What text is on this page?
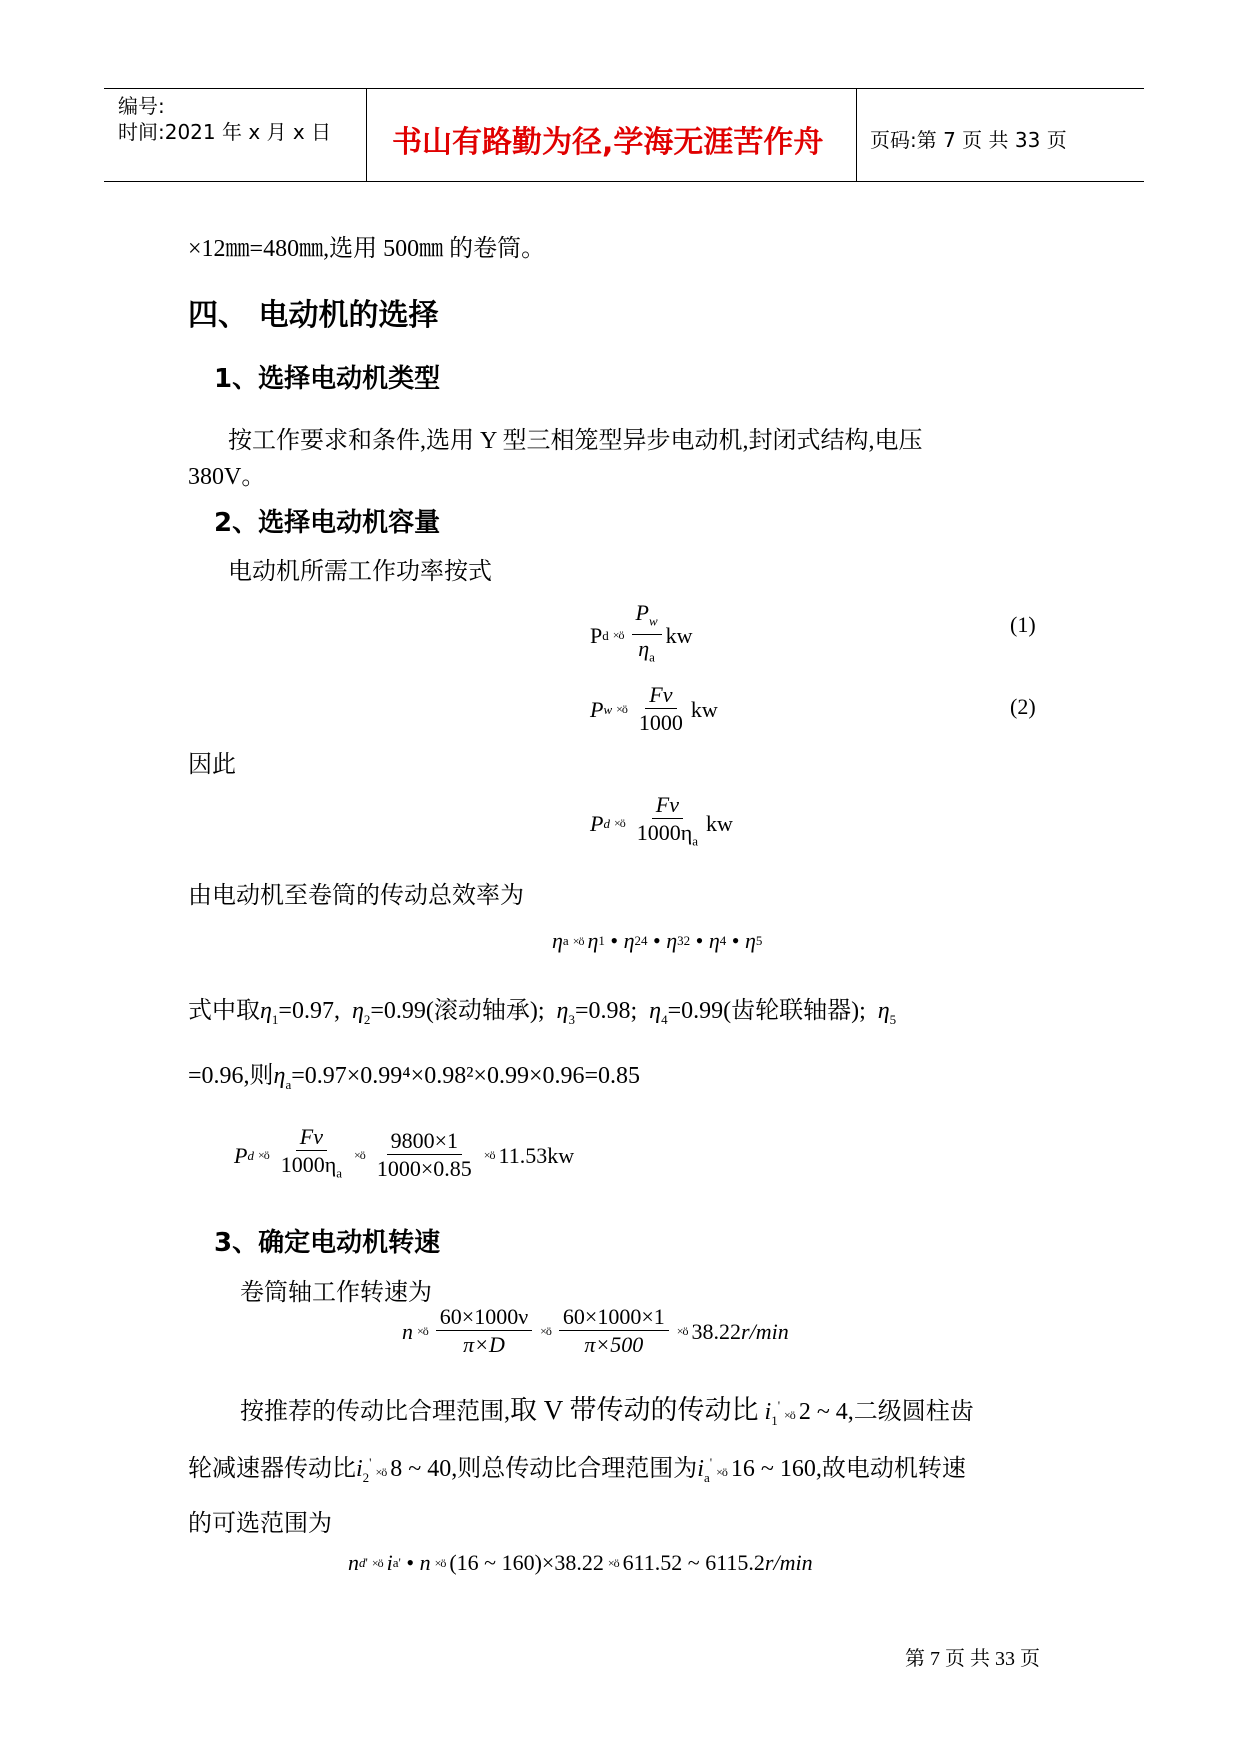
编号:
时间:2021 年 x 月 x 日 书山有路勤为径,学海无涯苦作舟 页码:第 7 页 共 33 页
×12㎜=480㎜,选用 500㎜ 的卷筒。
四、 电动机的选择
1、选择电动机类型
按工作要求和条件,选用 Y 型三相笼型异步电动机,封闭式结构,电压
380V。
2、选择电动机容量
电动机所需工作功率按式
P d ×ö $\frac{P_w}{\eta_a}$ kw	(1)
P w ×ö $\frac{F\nu}{1000}$ kw	(2)
因此
P d ×ö $\frac{F\nu}{1000\eta_a}$ kw
由电动机至卷筒的传动总效率为
η a ×ö η 1 • η 2 4 • η 3 2 • η 4 • η 5
式中取$\eta_1=0.97$, $\eta_2=0.99$(滚动轴承); $\eta_3=0.98$; $\eta_4=0.99$(齿轮联轴器); $\eta_5$
=0.96,则$\eta_a=0.97\times 0.99^4\times 0.98^2\times 0.99\times 0.96=0.85$
P d ×ö $\frac{F\nu}{1000\eta_a}$ ×ö $\frac{9800\times 1}{1000\times 0.85}$ ×ö 11.53kw
3、确定电动机转速
卷筒轴工作转速为
n ×ö $\frac{60\times 1000\nu}{\pi\times D}$ ×ö $\frac{60\times 1000\times 1}{\pi\times 500}$ ×ö 38.22 r/min
按推荐的传动比合理范围,取 V 带传动的传动比 $i_1'\times ö$ 2 ~ 4,二级圆柱齿
轮减速器传动比$i_2'\times ö$ 8 ~ 40,则总传动比合理范围为$i_a'\times ö$ 16 ~ 160,故电动机转速
的可选范围为
n d ' ×ö i a ' • n ×ö (16 ~ 160)×38.22 ×ö 611.52 ~ 6115.2 r/min
第 7 页 共 33 页
